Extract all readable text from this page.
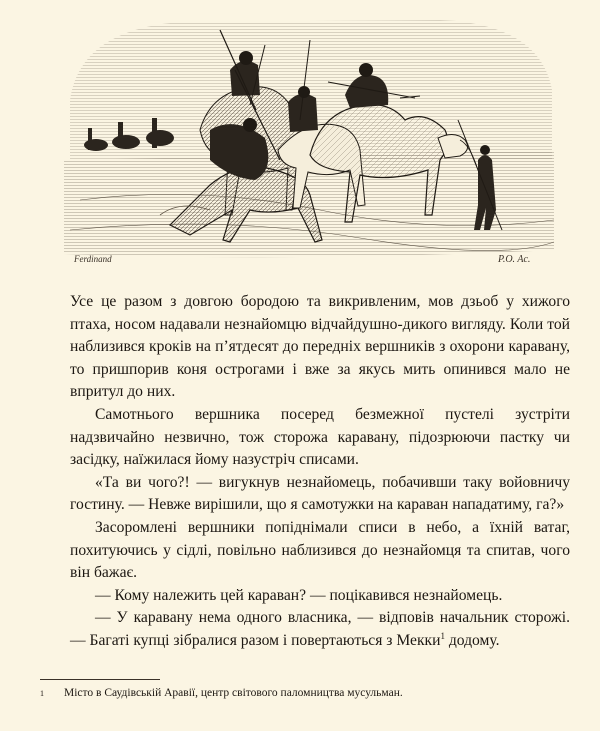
Ferdinand	P.O. Ac.

Усе це разом з довгою бородою та викривленим, мов дзьоб у хижого птаха, носом надавали незнайомцю відчайдушно-дикого вигляду. Коли той наблизився кроків на п’ятдесят до передніх вершників з охорони каравану, то пришпорив коня острогами і вже за якусь мить опинився мало не впритул до них.

Самотнього вершника посеред безмежної пустелі зустріти надзвичайно незвично, тож сторожа каравану, підозрюючи пастку чи засідку, наїжилася йому назустріч списами.

«Та ви чого?! — вигукнув незнайомець, побачивши таку войовничу гостину. — Невже вирішили, що я самотужки на караван нападатиму, га?»

Засоромлені вершники попіднімали списи в небо, а їхній ватаг, похитуючись у сідлі, повільно наблизився до незнайомця та спитав, чого він бажає.

— Кому належить цей караван? — поцікавився незнайомець.

— У каравану нема одного власника, — відповів начальник сторожі. — Багаті купці зібралися разом і повертаються з Мекки$^1$ додому.

1 Місто в Саудівській Аравії, центр світового паломництва мусульман.
